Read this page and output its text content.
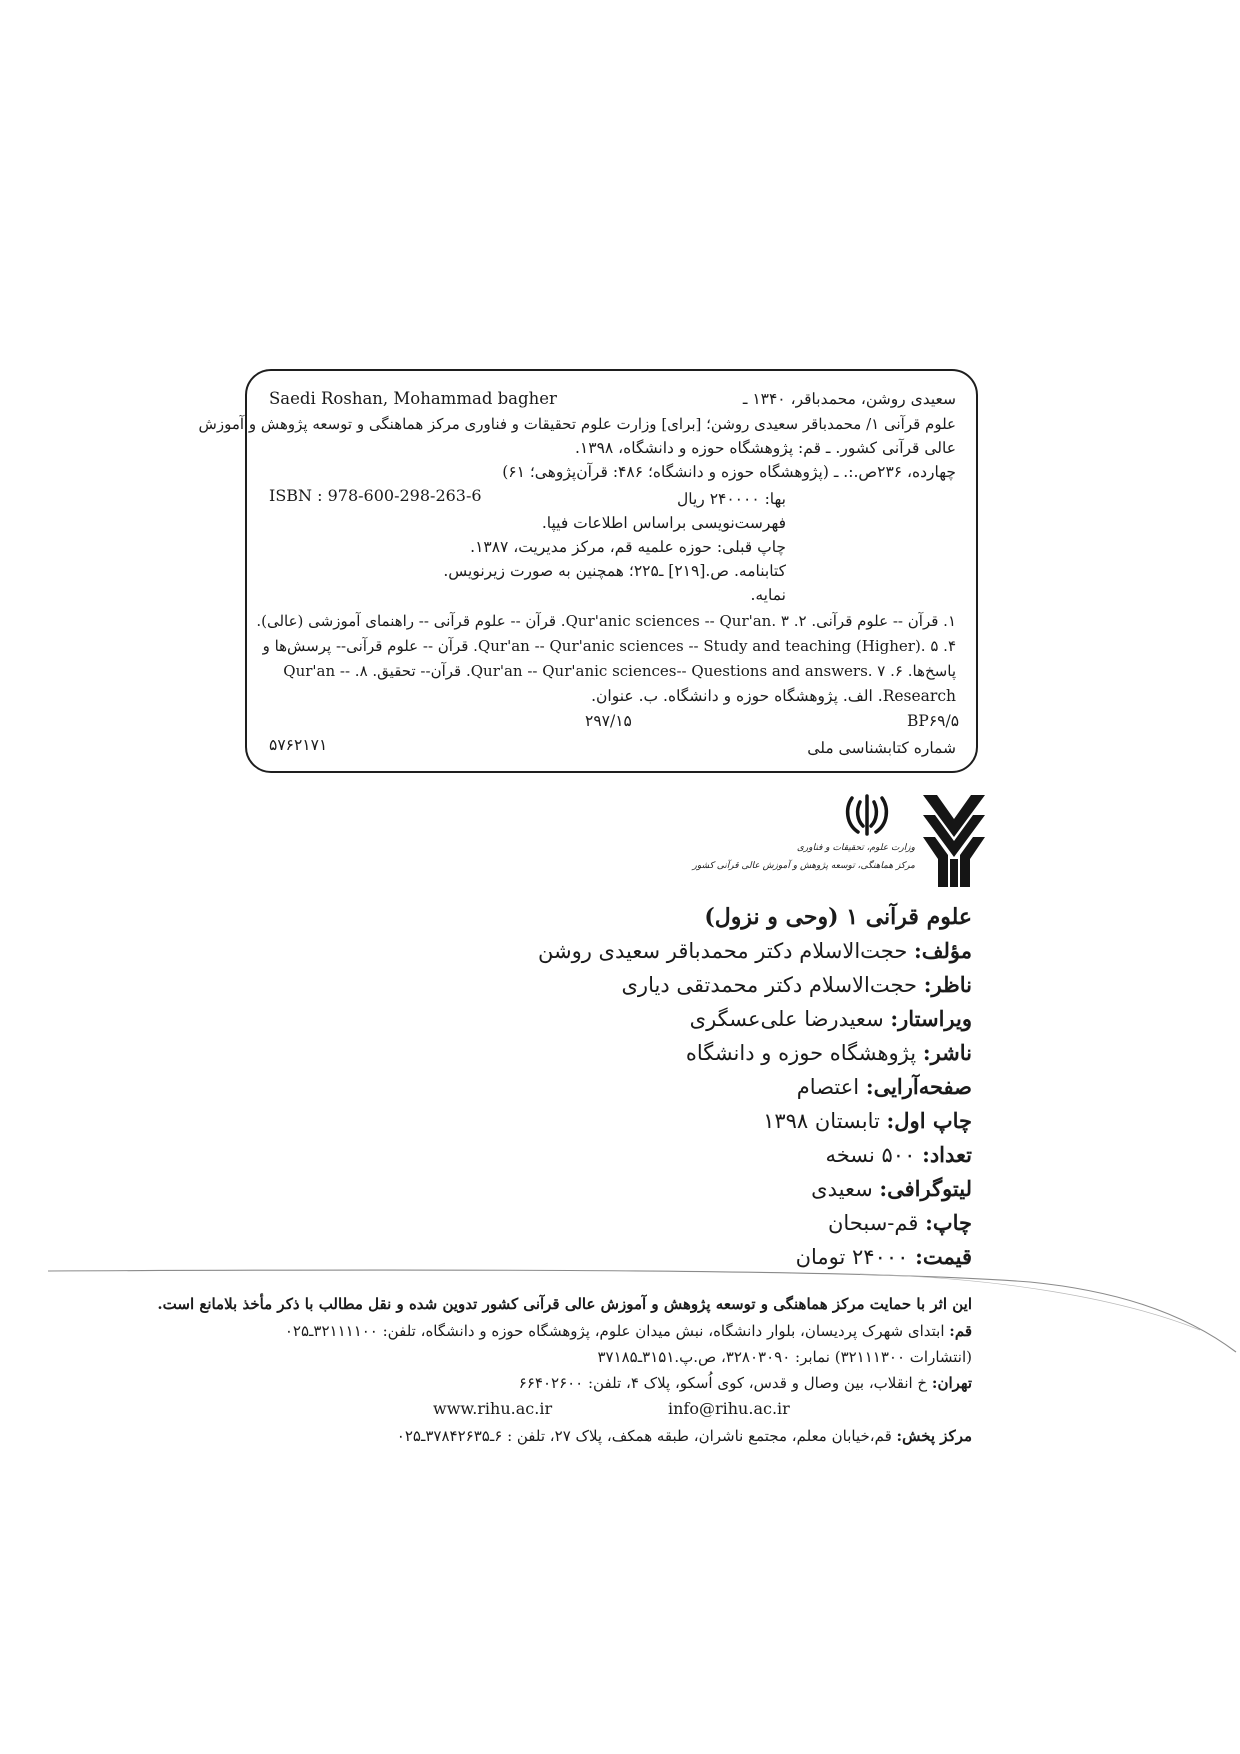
سعیدی روشن، محمدباقر، ۱۳۴۰ ـ
Saedi Roshan, Mohammad bagher
علوم قرآنی ۱/ محمدباقر سعیدی روشن؛ [برای] وزارت علوم تحقیقات و فناوری مرکز هماهنگی و توسعه پژوهش و آموزش
عالی قرآنی کشور. ـ قم: پژوهشگاه حوزه و دانشگاه، ۱۳۹۸.
چهارده، ۲۳۶ص.:. ـ (پژوهشگاه حوزه و دانشگاه؛ ۴۸۶: قرآن‌پژوهی؛ ۶۱)
ISBN : 978-600-298-263-6	بها: ۲۴۰۰۰۰ ریال
فهرست‌نویسی براساس اطلاعات فیپا.
چاپ قبلی: حوزه علمیه قم، مرکز مدیریت، ۱۳۸۷.
کتابنامه. ص.[۲۱۹] ـ۲۲۵؛ همچنین به صورت زیرنویس.
نمایه.
۱. قرآن -- علوم قرآنی. ۲. Qur'anic sciences -- Qur'an. ۳. قرآن -- علوم قرآنی -- راهنمای آموزشی (عالی).
۴. Qur'an -- Qur'anic sciences -- Study and teaching (Higher). ۵. قرآن -- علوم قرآنی-- پرسش‌ها و
پاسخ‌ها. ۶. Qur'an -- Qur'anic sciences-- Questions and answers. ۷. قرآن-- تحقیق. ۸. -- Qur'an
Research. الف. پژوهشگاه حوزه و دانشگاه. ب. عنوان.
BP۶۹/۵
۲۹۷/۱۵
شماره کتابشناسی ملی
۵۷۶۲۱۷۱
وزارت علوم، تحقیقات و فناوری
مرکز هماهنگی، توسعه پژوهش و آموزش عالی قرآنی کشور
علوم قرآنی ۱ (وحی و نزول)
مؤلف: حجت‌الاسلام دکتر محمدباقر سعیدی روشن
ناظر: حجت‌الاسلام دکتر محمدتقی دیاری
ویراستار: سعیدرضا علی‌عسگری
ناشر: پژوهشگاه حوزه و دانشگاه
صفحه‌آرایی: اعتصام
چاپ اول: تابستان ۱۳۹۸
تعداد: ۵۰۰ نسخه
لیتوگرافی: سعیدی
چاپ: قم-سبحان
قیمت: ۲۴۰۰۰ تومان
این اثر با حمایت مرکز هماهنگی و توسعه پژوهش و آموزش عالی قرآنی کشور تدوین شده و نقل مطالب با ذکر مأخذ بلامانع است.
قم: ابتدای شهرک پردیسان، بلوار دانشگاه، نبش میدان علوم، پژوهشگاه حوزه و دانشگاه، تلفن: ۳۲۱۱۱۱۰۰ـ۰۲۵
(انتشارات ۳۲۱۱۱۳۰۰) نمابر: ۳۲۸۰۳۰۹۰، ص.پ.۳۱۵۱ـ۳۷۱۸۵
تهران: خ انقلاب، بین وصال و قدس، کوی اُسکو، پلاک ۴، تلفن: ۶۶۴۰۲۶۰۰
www.rihu.ac.ir	info@rihu.ac.ir
مرکز پخش: قم،خیابان معلم، مجتمع ناشران، طبقه همکف، پلاک ۲۷، تلفن : ۶ـ۳۷۸۴۲۶۳۵ـ۰۲۵
